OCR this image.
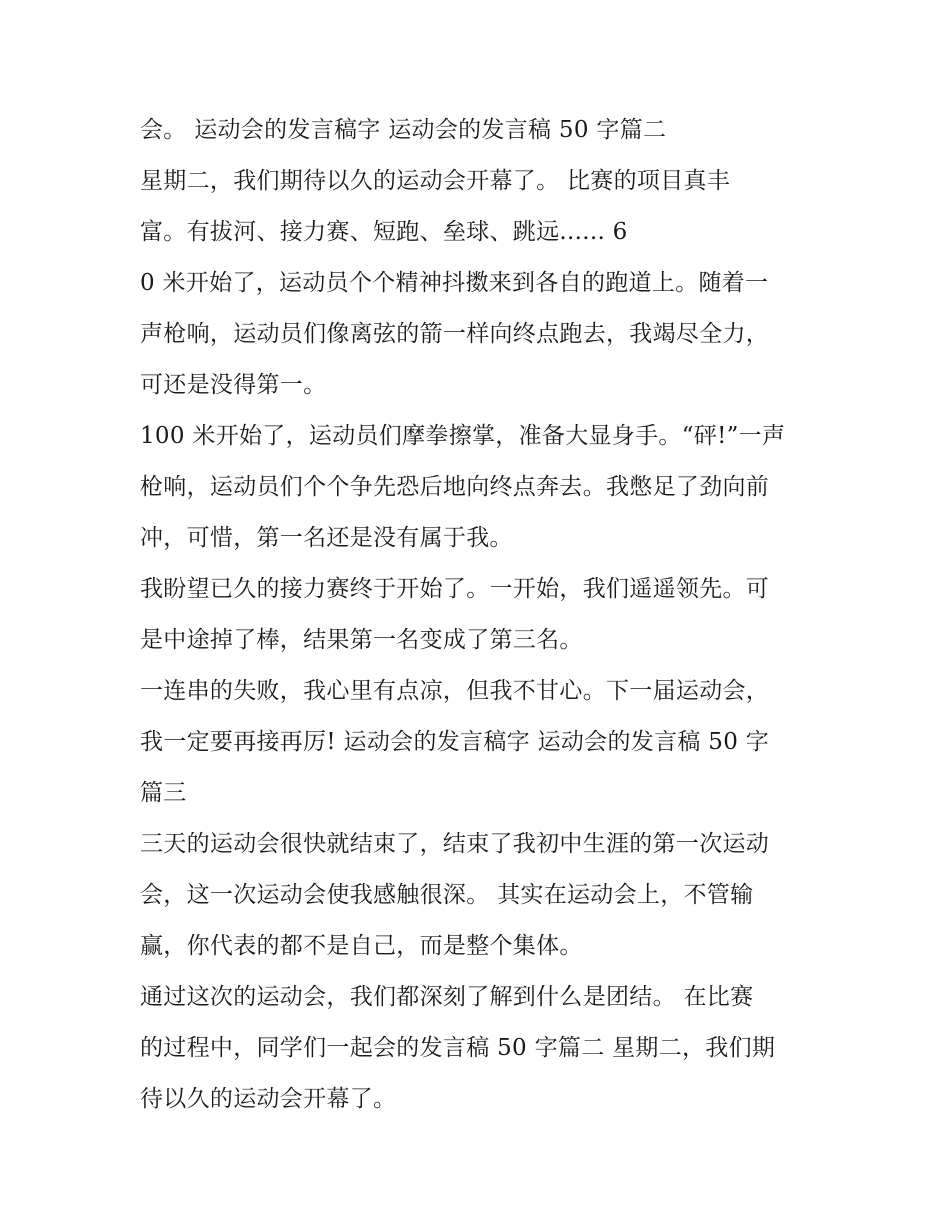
会。 运动会的发言稿字 运动会的发言稿 50 字篇二
星期二，我们期待以久的运动会开幕了。 比赛的项目真丰
富。有拔河、接力赛、短跑、垒球、跳远...... 6
0 米开始了，运动员个个精神抖擞来到各自的跑道上。随着一
声枪响，运动员们像离弦的箭一样向终点跑去，我竭尽全力，
可还是没得第一。
100 米开始了，运动员们摩拳擦掌，准备大显身手。“砰!”一声
枪响，运动员们个个争先恐后地向终点奔去。我憋足了劲向前
冲，可惜，第一名还是没有属于我。
我盼望已久的接力赛终于开始了。一开始，我们遥遥领先。可
是中途掉了棒，结果第一名变成了第三名。
一连串的失败，我心里有点凉，但我不甘心。下一届运动会，
我一定要再接再厉! 运动会的发言稿字 运动会的发言稿 50 字
篇三
三天的运动会很快就结束了，结束了我初中生涯的第一次运动
会，这一次运动会使我感触很深。 其实在运动会上，不管输
赢，你代表的都不是自己，而是整个集体。
通过这次的运动会，我们都深刻了解到什么是团结。 在比赛
的过程中，同学们一起会的发言稿 50 字篇二 星期二，我们期
待以久的运动会开幕了。
